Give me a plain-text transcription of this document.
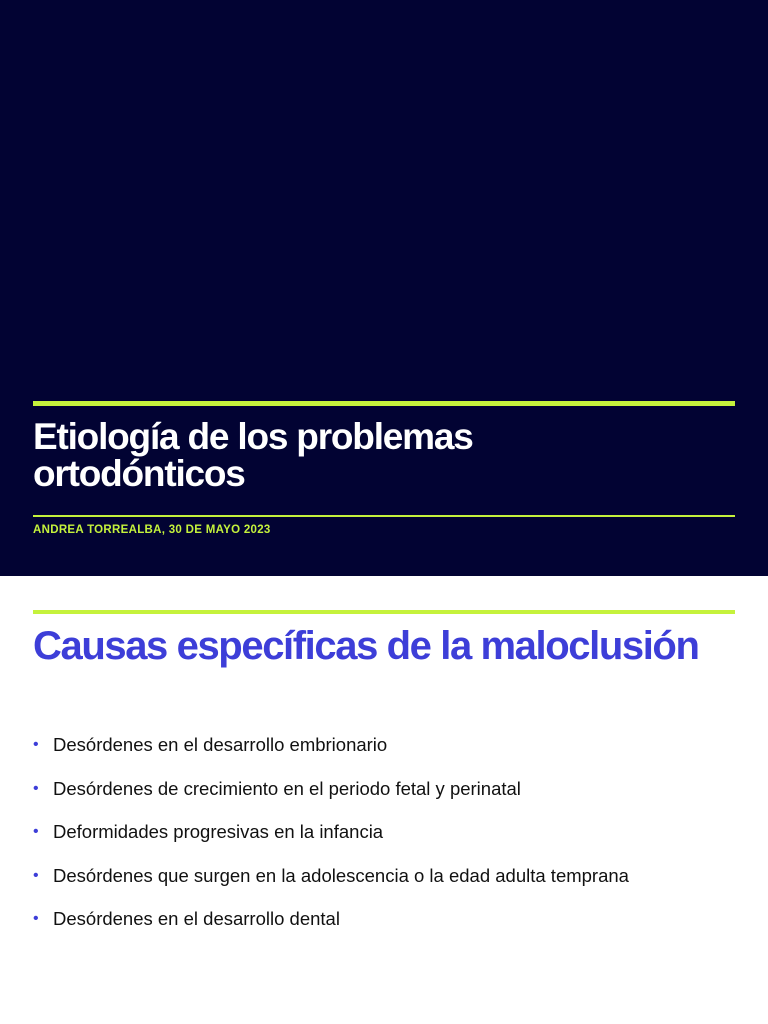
Etiología de los problemas
ortodónticos
ANDREA TORREALBA, 30 DE MAYO 2023
Causas específicas de la maloclusión
• Desórdenes en el desarrollo embrionario
• Desórdenes de crecimiento en el periodo fetal y perinatal
• Deformidades progresivas en la infancia
• Desórdenes que surgen en la adolescencia o la edad adulta temprana
• Desórdenes en el desarrollo dental
